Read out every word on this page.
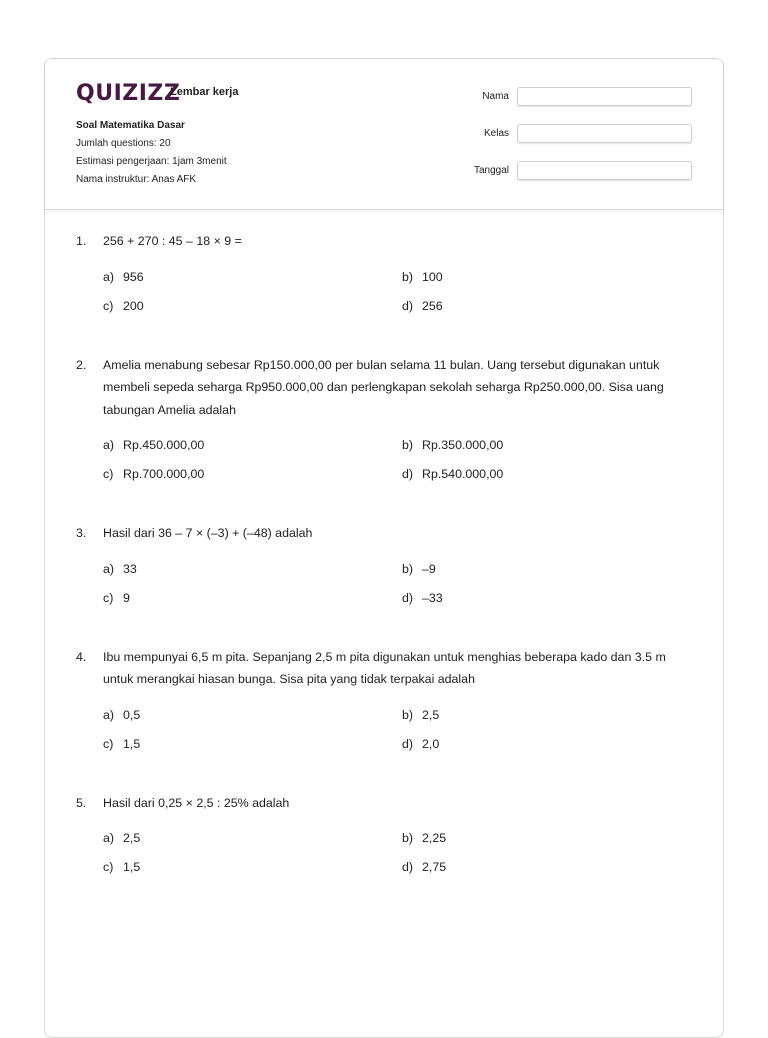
QUIZIZZ
Lembar kerja
Soal Matematika Dasar
Jumlah questions: 20
Estimasi pengerjaan: 1jam 3menit
Nama instruktur: Anas AFK
Nama
Kelas
Tanggal
1. 256 + 270 : 45 – 18 × 9 =
a) 956	b) 100
c) 200	d) 256
2. Amelia menabung sebesar Rp150.000,00 per bulan selama 11 bulan. Uang tersebut digunakan untuk membeli sepeda seharga Rp950.000,00 dan perlengkapan sekolah seharga Rp250.000,00. Sisa uang tabungan Amelia adalah
a) Rp.450.000,00	b) Rp.350.000,00
c) Rp.700.000,00	d) Rp.540.000,00
3. Hasil dari 36 – 7 × (–3) + (–48) adalah
a) 33	b) –9
c) 9	d) –33
4. Ibu mempunyai 6,5 m pita. Sepanjang 2,5 m pita digunakan untuk menghias beberapa kado dan 3.5 m untuk merangkai hiasan bunga. Sisa pita yang tidak terpakai adalah
a) 0,5	b) 2,5
c) 1,5	d) 2,0
5. Hasil dari 0,25 × 2,5 : 25% adalah
a) 2,5	b) 2,25
c) 1,5	d) 2,75
